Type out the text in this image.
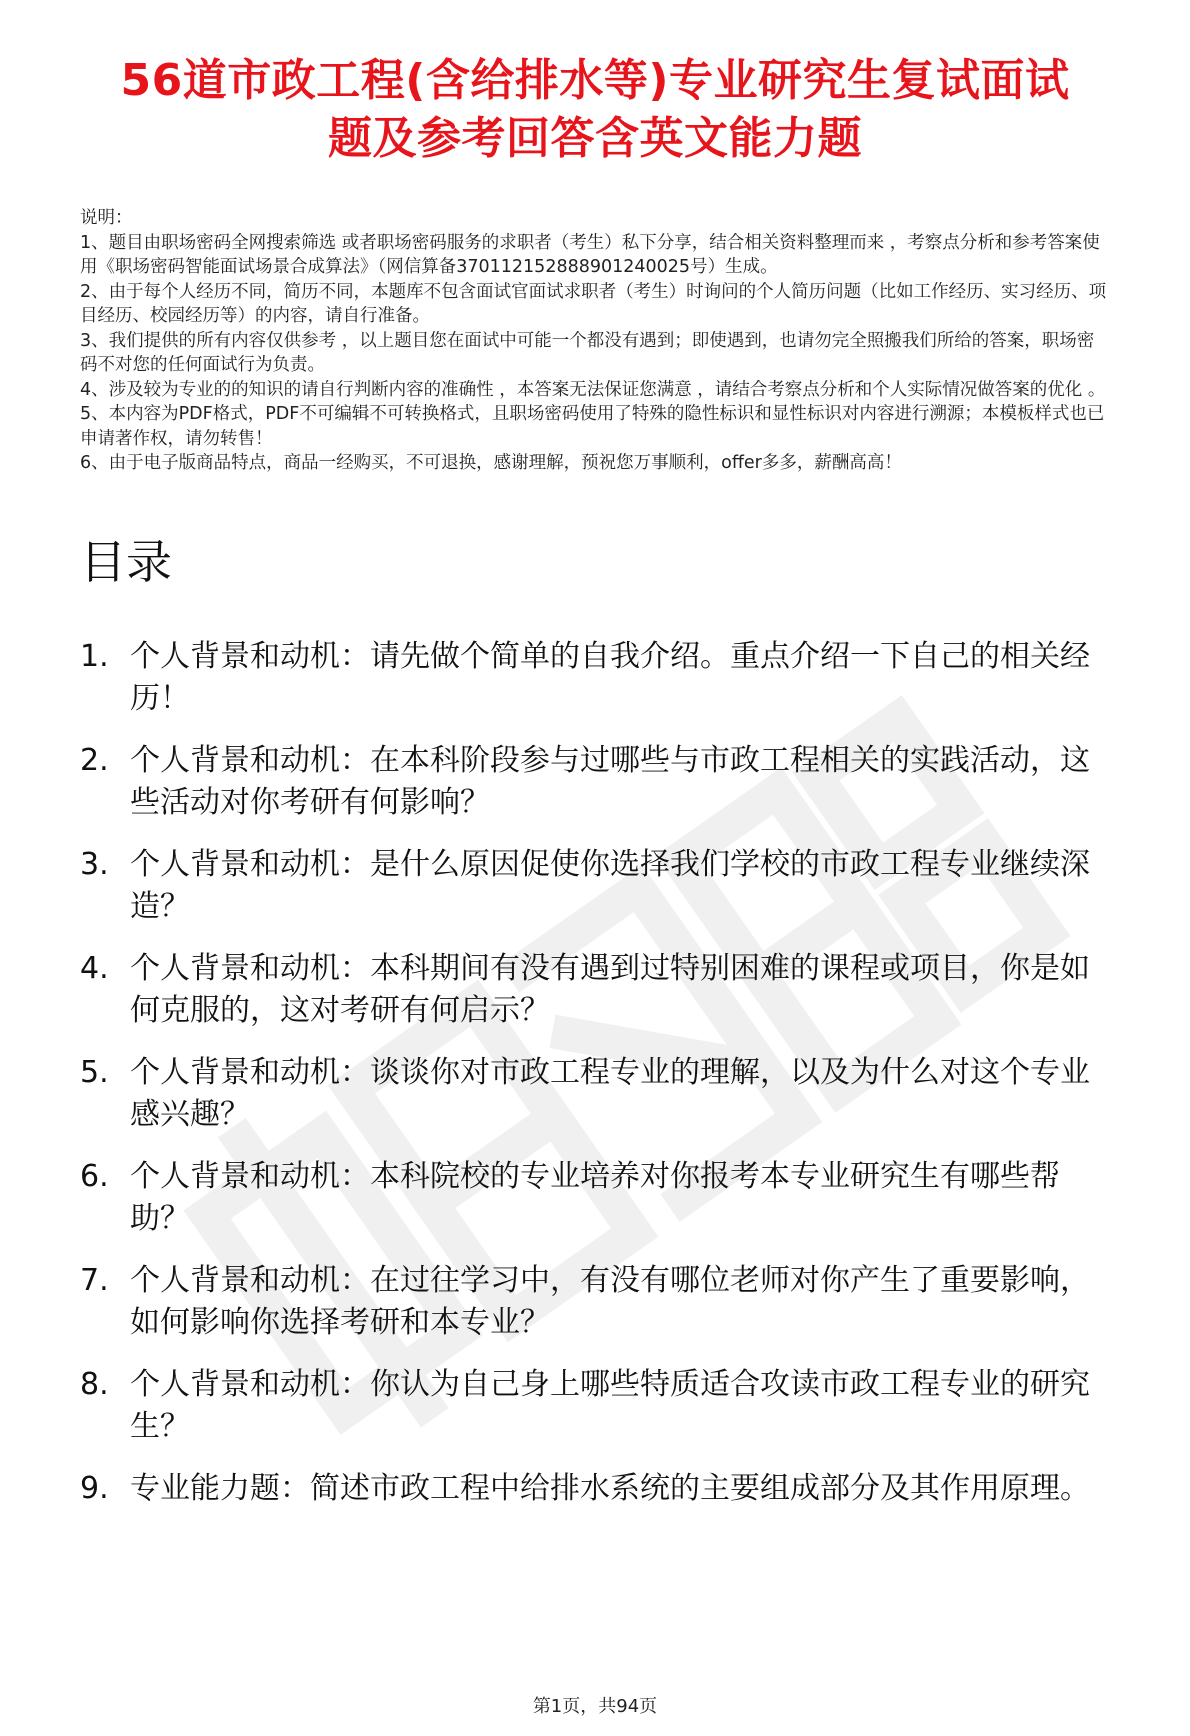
56道市政工程(含给排水等)专业研究生复试面试
题及参考回答含英文能力题

说明：

1、题目由职场密码全网搜索筛选 或者职场密码服务的求职者（考生）私下分享，结合相关资料整理而来 ，考察点分析和参考答案使用《职场密码智能面试场景合成算法》（网信算备370112152888901240025号）生成。

2、由于每个人经历不同，简历不同，本题库不包含面试官面试求职者（考生）时询问的个人简历问题（比如工作经历、实习经历、项目经历、校园经历等）的内容，请自行准备。

3、我们提供的所有内容仅供参考 ，以上题目您在面试中可能一个都没有遇到；即使遇到，也请勿完全照搬我们所给的答案，职场密码不对您的任何面试行为负责。

4、涉及较为专业的的知识的请自行判断内容的准确性 ，本答案无法保证您满意 ，请结合考察点分析和个人实际情况做答案的优化 。

5、本内容为PDF格式，PDF不可编辑不可转换格式，且职场密码使用了特殊的隐性标识和显性标识对内容进行溯源；本模板样式也已申请著作权，请勿转售！

6、由于电子版商品特点，商品一经购买，不可退换，感谢理解，预祝您万事顺利，offer多多，薪酬高高！

目录
1. 个人背景和动机：请先做个简单的自我介绍。重点介绍一下自己的相关经历！
2. 个人背景和动机：在本科阶段参与过哪些与市政工程相关的实践活动，这些活动对你考研有何影响？
3. 个人背景和动机：是什么原因促使你选择我们学校的市政工程专业继续深造？
4. 个人背景和动机：本科期间有没有遇到过特别困难的课程或项目，你是如何克服的，这对考研有何启示？
5. 个人背景和动机：谈谈你对市政工程专业的理解，以及为什么对这个专业感兴趣？
6. 个人背景和动机：本科院校的专业培养对你报考本专业研究生有哪些帮助？
7. 个人背景和动机：在过往学习中，有没有哪位老师对你产生了重要影响，如何影响你选择考研和本专业？
8. 个人背景和动机：你认为自己身上哪些特质适合攻读市政工程专业的研究生？
9. 专业能力题：简述市政工程中给排水系统的主要组成部分及其作用原理。
第1页，共94页
